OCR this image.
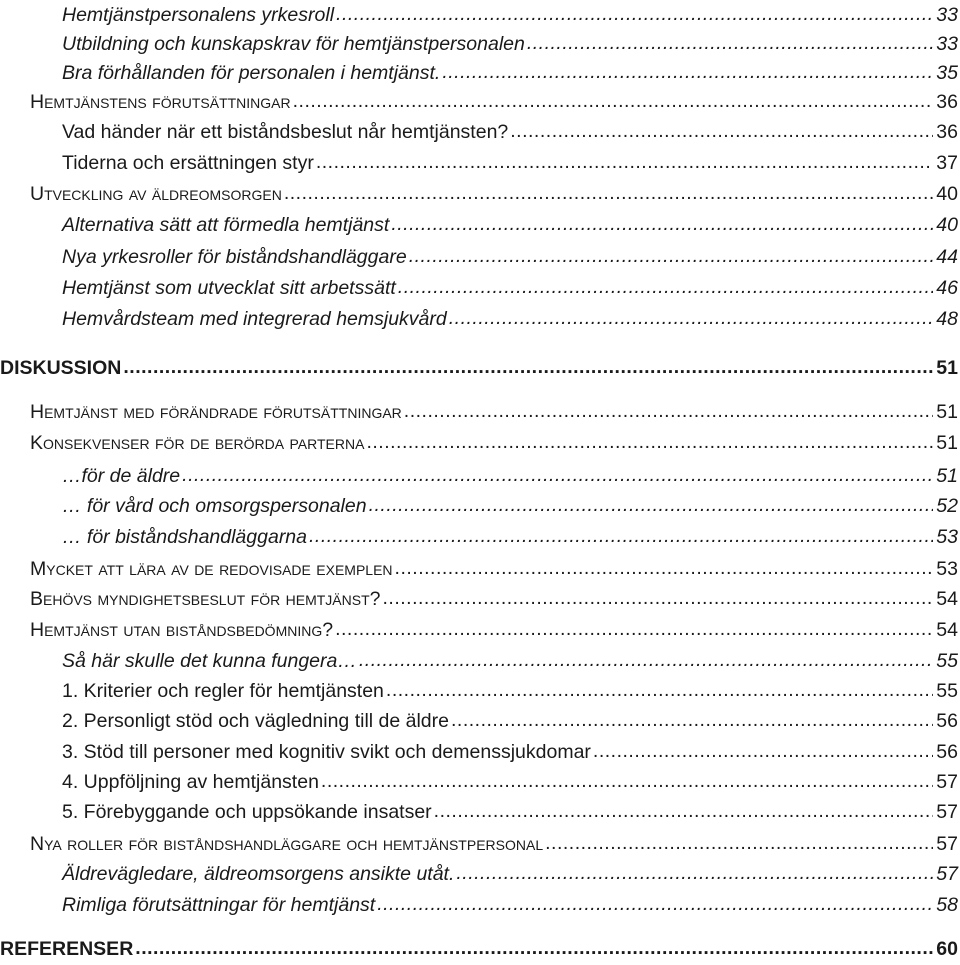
Hemtjänstpersonalens yrkesroll .....	33
Utbildning och kunskapskrav för hemtjänstpersonalen .....	33
Bra förhållanden för personalen i hemtjänst. .....	35
Hemtjänstens förutsättningar .....	36
Vad händer när ett biståndsbeslut når hemtjänsten? .....	36
Tiderna och ersättningen styr .....	37
Utveckling av äldreomsorgen .....	40
Alternativa sätt att förmedla hemtjänst .....	40
Nya yrkesroller för biståndshandläggare .....	44
Hemtjänst som utvecklat sitt arbetssätt .....	46
Hemvårdsteam med integrerad hemsjukvård .....	48
DISKUSSION .....	51
Hemtjänst med förändrade förutsättningar .....	51
Konsekvenser för de berörda parterna .....	51
…för de äldre .....	51
… för vård och omsorgspersonalen .....	52
… för biståndshandläggarna .....	53
Mycket att lära av de redovisade exemplen .....	53
Behövs myndighetsbeslut för hemtjänst? .....	54
Hemtjänst utan biståndsbedömning? .....	54
Så här skulle det kunna fungera… .....	55
1. Kriterier och regler för hemtjänsten .....	55
2. Personligt stöd och vägledning till de äldre .....	56
3. Stöd till personer med kognitiv svikt och demenssjukdomar .....	56
4. Uppföljning av hemtjänsten .....	57
5. Förebyggande och uppsökande insatser .....	57
Nya roller för biståndshandläggare och hemtjänstpersonal .....	57
Äldrevägledare, äldreomsorgens ansikte utåt. .....	57
Rimliga förutsättningar för hemtjänst .....	58
REFERENSER .....	60
